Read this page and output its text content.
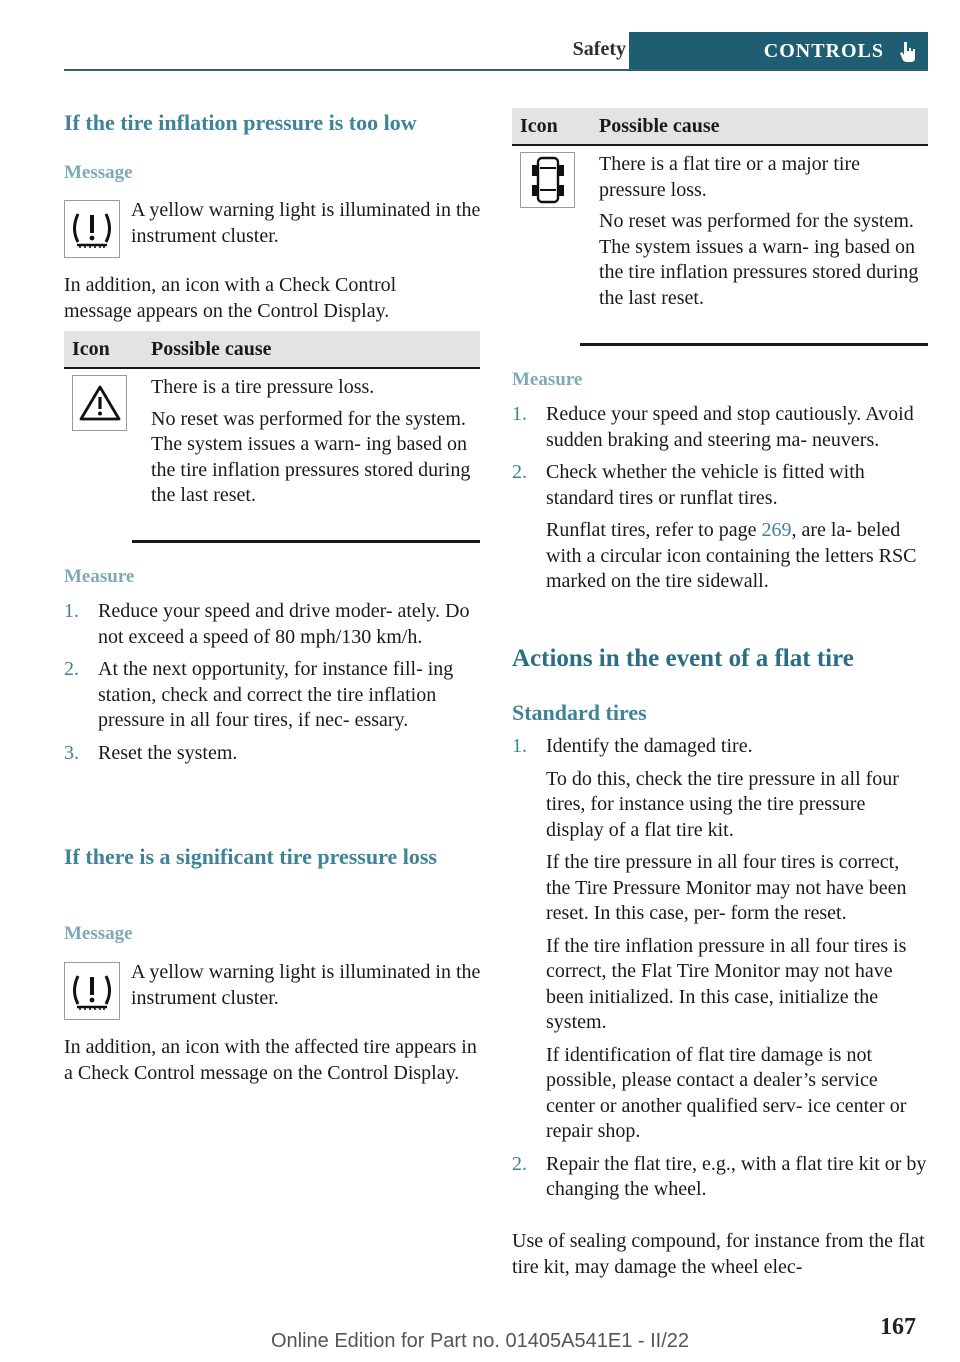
Safety	CONTROLS
If the tire inflation pressure is too low
Message
A yellow warning light is illuminated in the instrument cluster.
In addition, an icon with a Check Control message appears on the Control Display.
Icon	Possible cause

There is a tire pressure loss.

No reset was performed for the system. The system issues a warn- ing based on the tire inflation pressures stored during the last reset.

Measure
1. Reduce your speed and drive moder- ately. Do not exceed a speed of 80 mph/130 km/h.
2. At the next opportunity, for instance fill- ing station, check and correct the tire inflation pressure in all four tires, if nec- essary.
3. Reset the system.
If there is a significant tire pressure loss
Message
A yellow warning light is illuminated in the instrument cluster.
In addition, an icon with the affected tire appears in a Check Control message on the Control Display.
Icon	Possible cause

There is a flat tire or a major tire pressure loss.

No reset was performed for the system. The system issues a warn- ing based on the tire inflation pressures stored during the last reset.

Measure
1. Reduce your speed and stop cautiously. Avoid sudden braking and steering ma- neuvers.
2. Check whether the vehicle is fitted with standard tires or runflat tires.

Runflat tires, refer to page 269, are la- beled with a circular icon containing the letters RSC marked on the tire sidewall.

Actions in the event of a flat tire
Standard tires
1. Identify the damaged tire.

To do this, check the tire pressure in all four tires, for instance using the tire pressure display of a flat tire kit.

If the tire pressure in all four tires is correct, the Tire Pressure Monitor may not have been reset. In this case, per- form the reset.

If the tire inflation pressure in all four tires is correct, the Flat Tire Monitor may not have been initialized. In this case, initialize the system.

If identification of flat tire damage is not possible, please contact a dealer’s service center or another qualified serv- ice center or repair shop.

2. Repair the flat tire, e.g., with a flat tire kit or by changing the wheel.
Use of sealing compound, for instance from the flat tire kit, may damage the wheel elec-
167
Online Edition for Part no. 01405A541E1 - II/22
